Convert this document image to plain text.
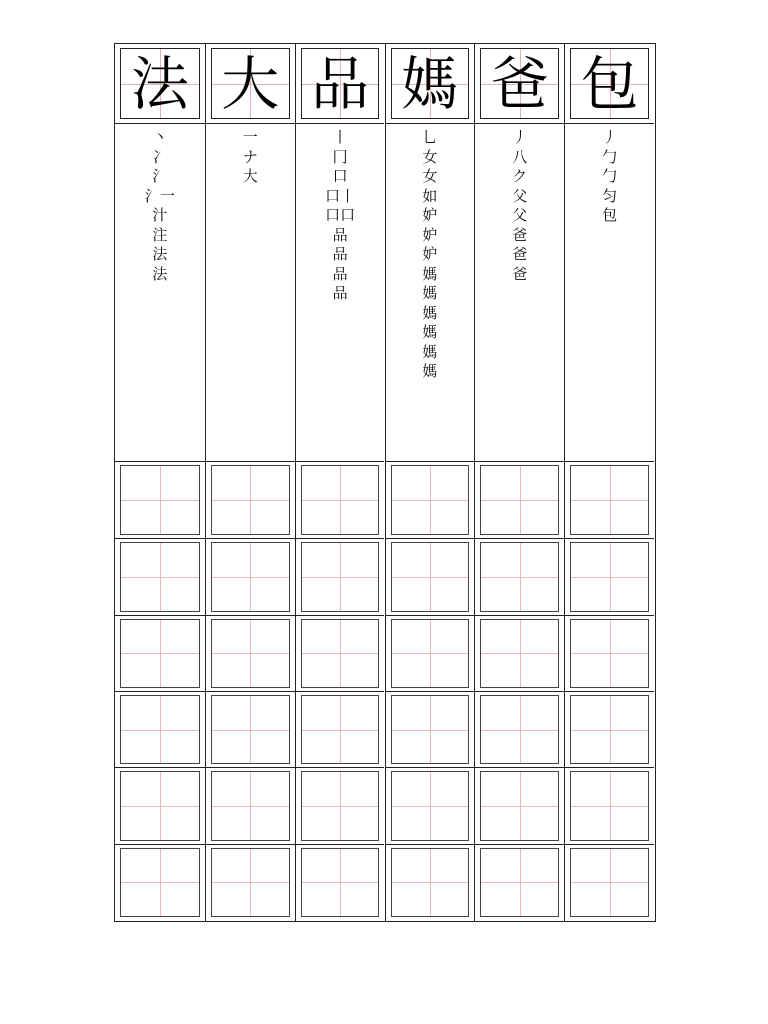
法
丶
冫
氵
氵一
汁
注
法
法
大
一
ナ
大
品
丨
冂
口
口丨
口口
品
品
品
品
媽
乚
女
女
如
妒
妒
妒
媽
媽
媽
媽
媽
媽
爸
丿
八
ク
父
父
爸
爸
爸
包
丿
勹
勹
匀
包
